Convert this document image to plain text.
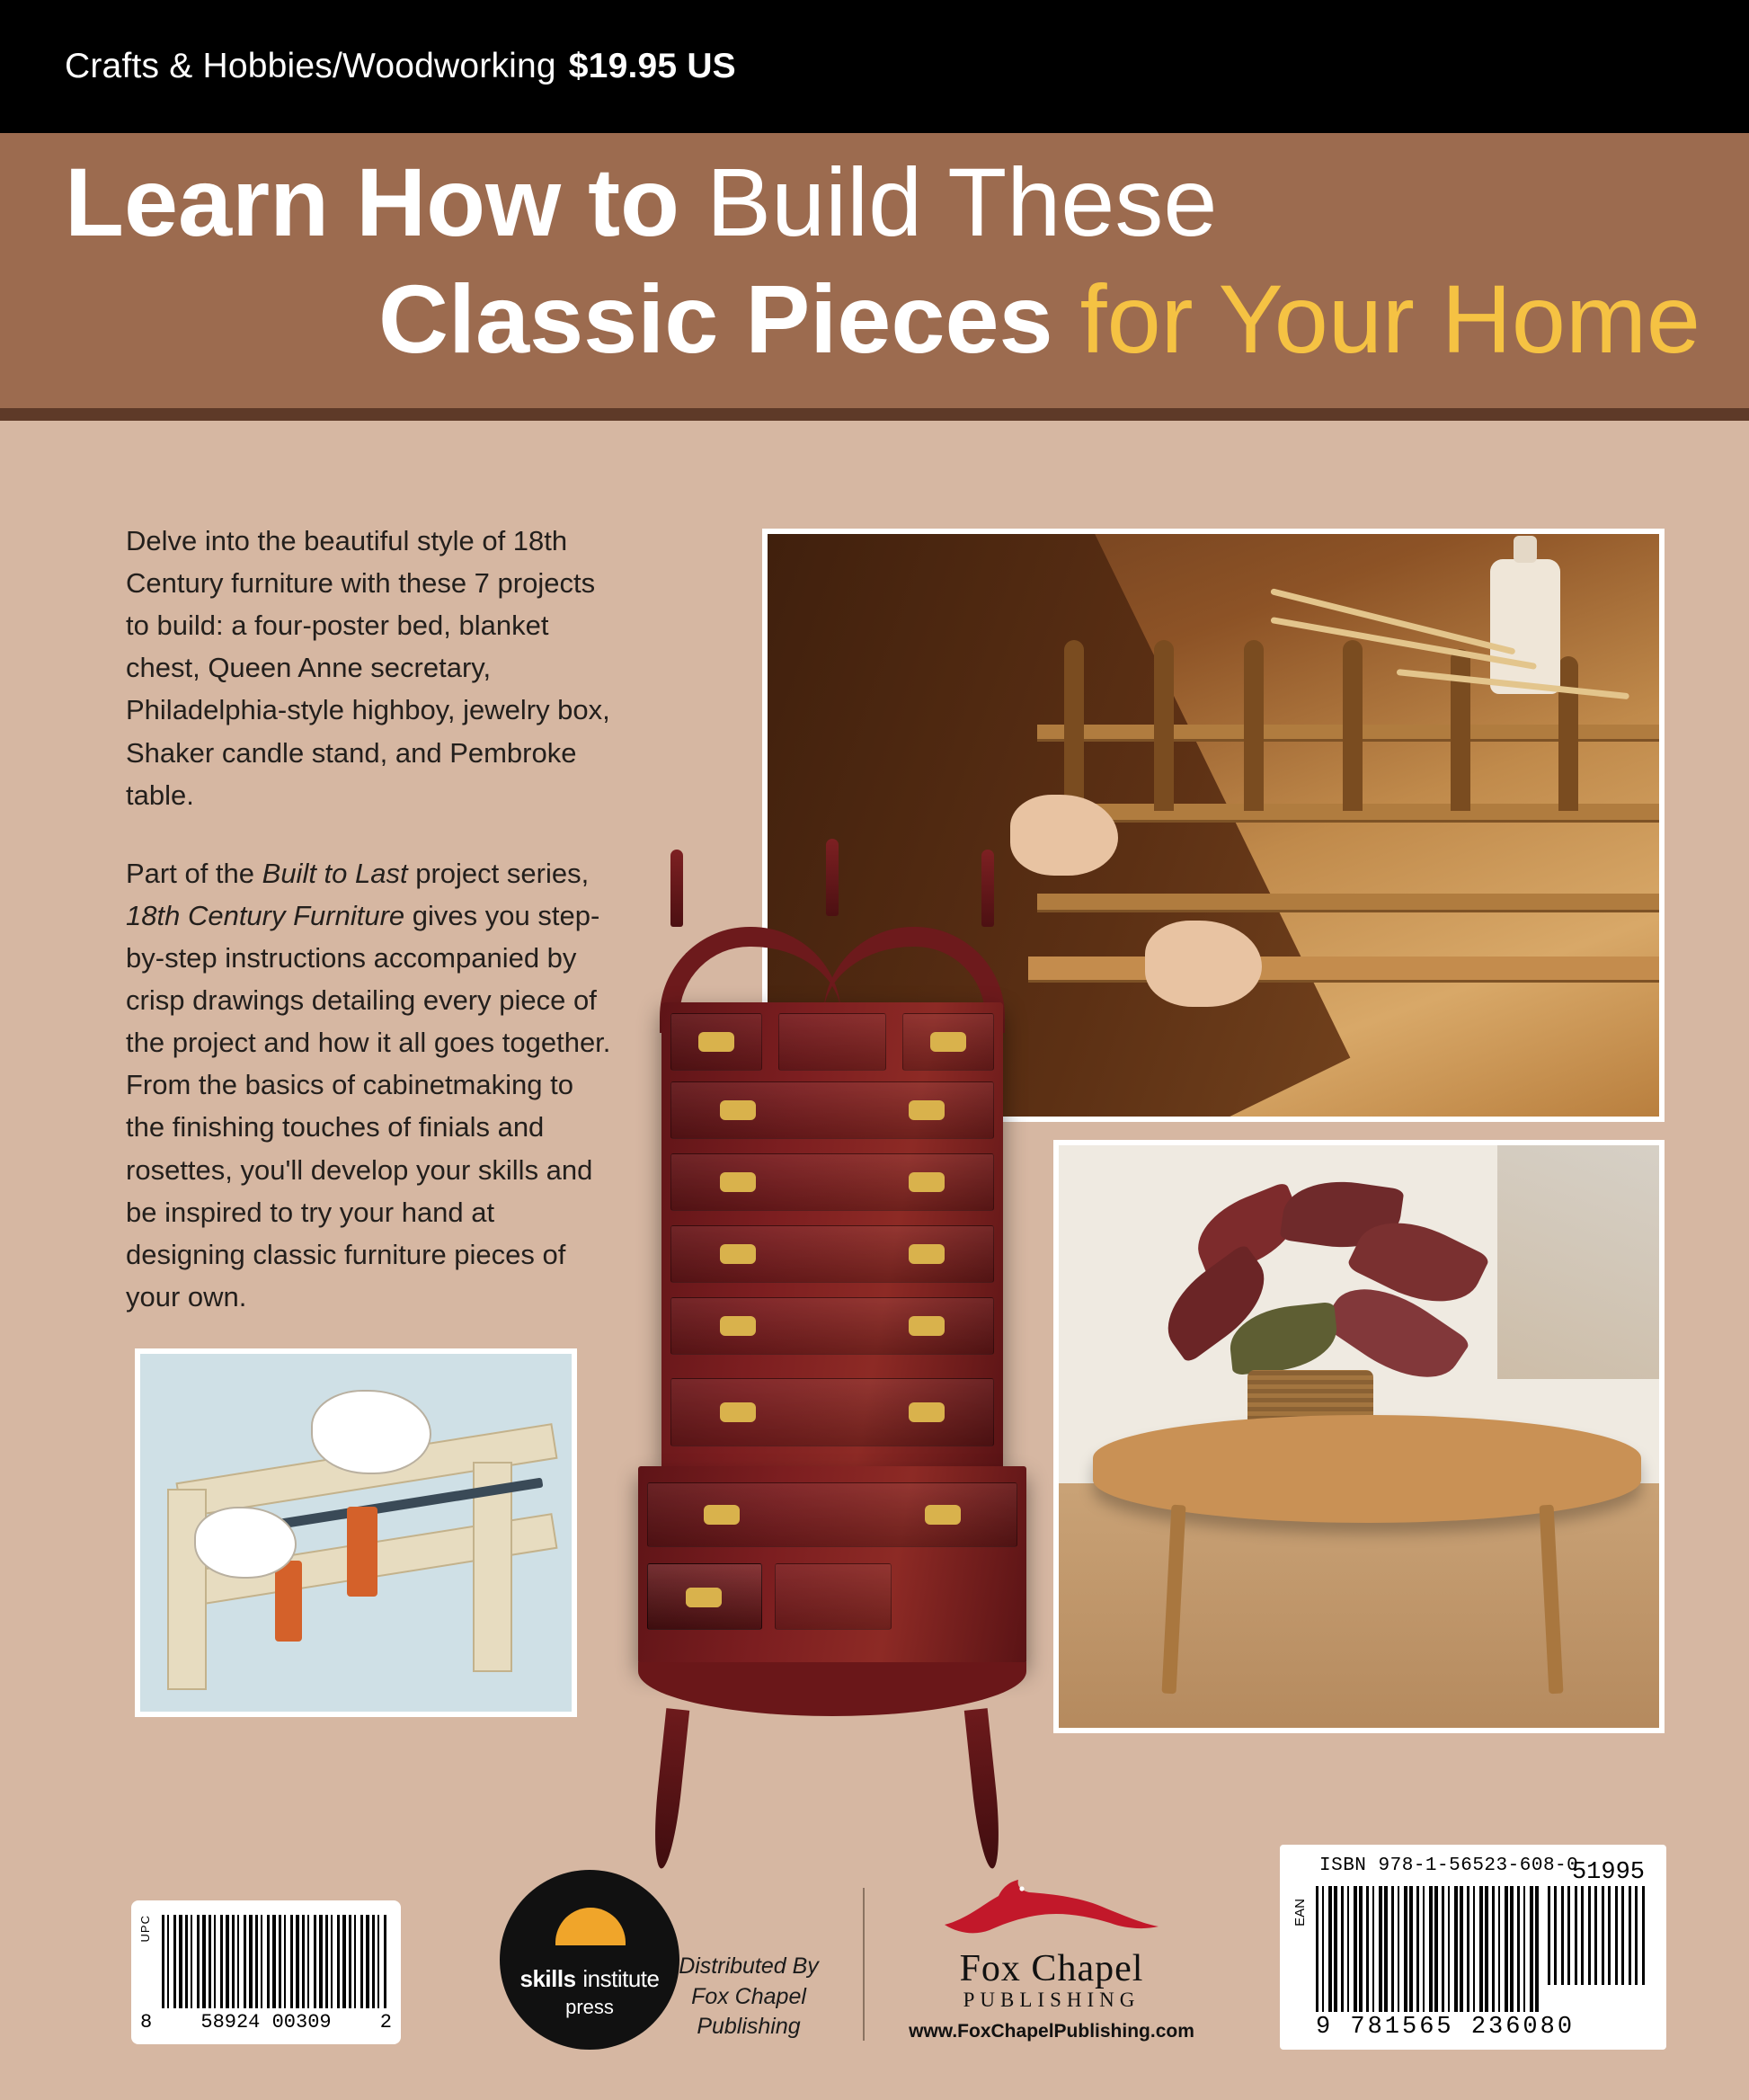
Crafts & Hobbies/Woodworking $19.95 US
Learn How to Build These
Classic Pieces for Your Home

Delve into the beautiful style of 18th Century furniture with these 7 projects to build: a four-poster bed, blanket chest, Queen Anne secretary, Philadelphia-style highboy, jewelry box, Shaker candle stand, and Pembroke table.

Part of the Built to Last project series, 18th Century Furniture gives you step-by-step instructions accompanied by crisp drawings detailing every piece of the project and how it all goes together. From the basics of cabinetmaking to the finishing touches of finials and rosettes, you'll develop your skills and be inspired to try your hand at designing classic furniture pieces of your own.

UPC
8 58924 00309 2
skills institute
press
Distributed By
Fox Chapel Publishing
Fox Chapel
PUBLISHING
www.FoxChapelPublishing.com
ISBN 978-1-56523-608-0
EAN
51995
9 781565 236080
